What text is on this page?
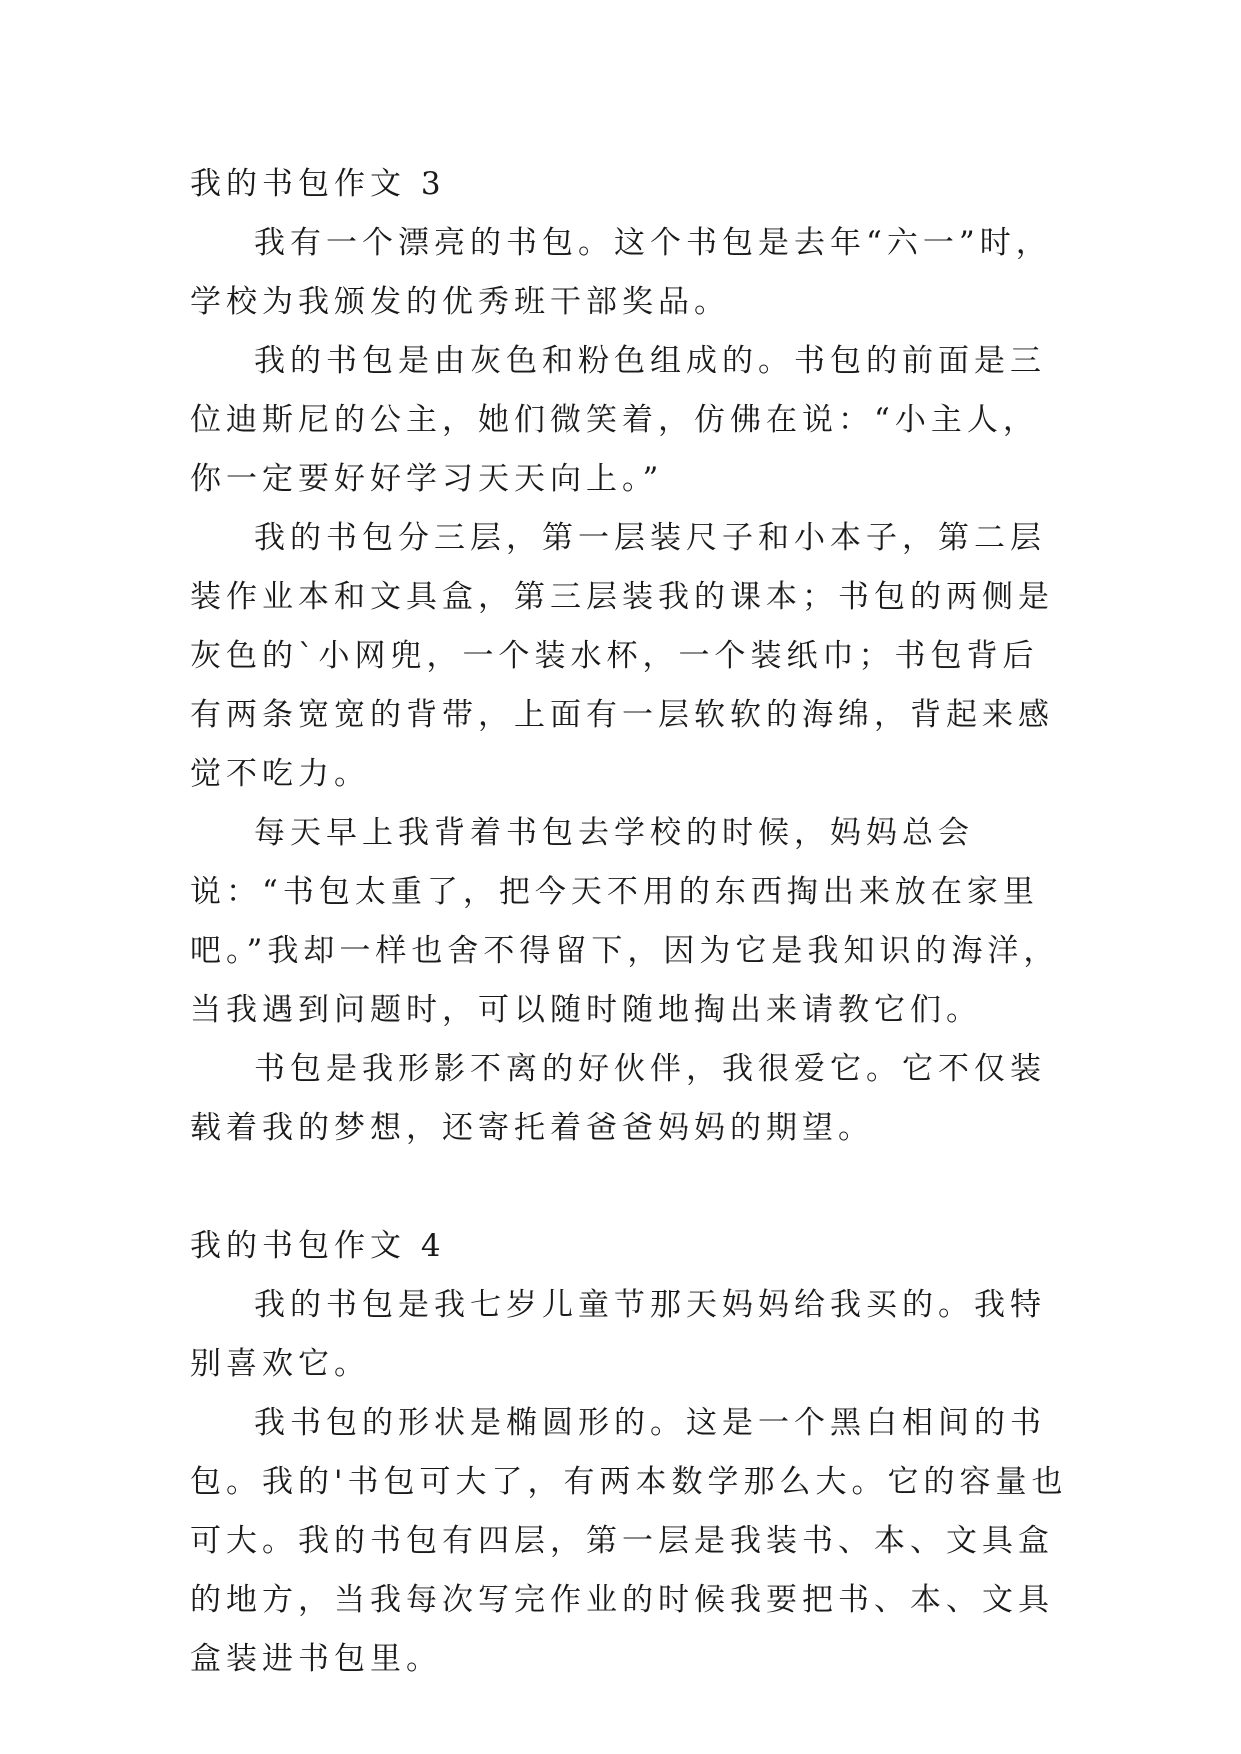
我的书包作文 3

我有一个漂亮的书包。这个书包是去年“六一”时，学校为我颁发的优秀班干部奖品。

我的书包是由灰色和粉色组成的。书包的前面是三位迪斯尼的公主，她们微笑着，仿佛在说：“小主人，你一定要好好学习天天向上。”

我的书包分三层，第一层装尺子和小本子，第二层装作业本和文具盒，第三层装我的课本；书包的两侧是灰色的`小网兜，一个装水杯，一个装纸巾；书包背后有两条宽宽的背带，上面有一层软软的海绵，背起来感觉不吃力。

每天早上我背着书包去学校的时候，妈妈总会说：“书包太重了，把今天不用的东西掏出来放在家里吧。”我却一样也舍不得留下，因为它是我知识的海洋，当我遇到问题时，可以随时随地掏出来请教它们。

书包是我形影不离的好伙伴，我很爱它。它不仅装载着我的梦想，还寄托着爸爸妈妈的期望。

我的书包作文 4

我的书包是我七岁儿童节那天妈妈给我买的。我特别喜欢它。

我书包的形状是椭圆形的。这是一个黑白相间的书包。我的'书包可大了，有两本数学那么大。它的容量也可大。我的书包有四层，第一层是我装书、本、文具盒的地方，当我每次写完作业的时候我要把书、本、文具盒装进书包里。
